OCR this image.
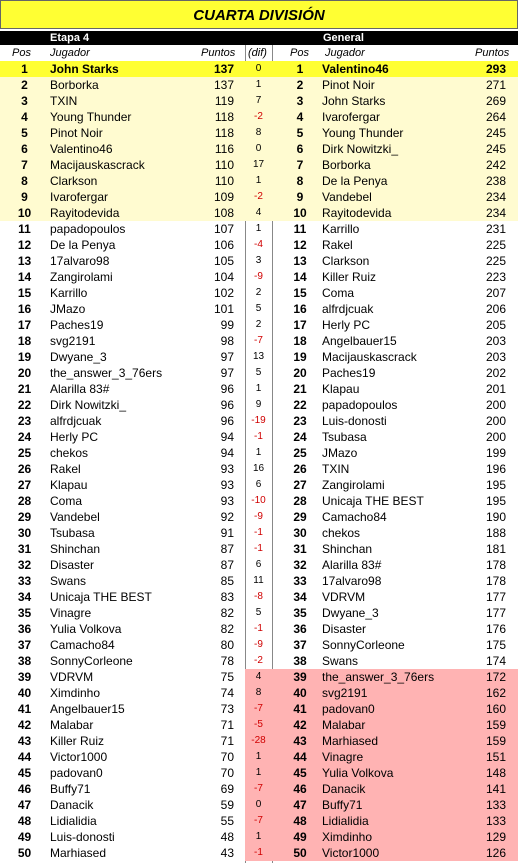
CUARTA DIVISIÓN
Etapa 4	General
Pos Jugador	Puntos (dif) Pos Jugador	Puntos
1	John Starks	137	0	1	Valentino46	293
2	Borborka	137	1	2	Pinot Noir	271
3	TXIN	119	7	3	John Starks	269
4	Young Thunder	118	-2	4	Ivarofergar	264
5	Pinot Noir	118	8	5	Young Thunder	245
6	Valentino46	116	0	6	Dirk Nowitzki_	245
7	Macijauskascrack	110	17	7	Borborka	242
8	Clarkson	110	1	8	De la Penya	238
9	Ivarofergar	109	-2	9	Vandebel	234
10	Rayitodevida	108	4	10	Rayitodevida	234
11	papadopoulos	107	1	11	Karrillo	231
12	De la Penya	106	-4	12	Rakel	225
13	17alvaro98	105	3	13	Clarkson	225
14	Zangirolami	104	-9	14	Killer Ruiz	223
15	Karrillo	102	2	15	Coma	207
16	JMazo	101	5	16	alfrdjcuak	206
17	Paches19	99	2	17	Herly PC	205
18	svg2191	98	-7	18	Angelbauer15	203
19	Dwyane_3	97	13	19	Macijauskascrack	203
20	the_answer_3_76ers	97	5	20	Paches19	202
21	Alarilla 83#	96	1	21	Klapau	201
22	Dirk Nowitzki_	96	9	22	papadopoulos	200
23	alfrdjcuak	96	-19	23	Luis-donosti	200
24	Herly PC	94	-1	24	Tsubasa	200
25	chekos	94	1	25	JMazo	199
26	Rakel	93	16	26	TXIN	196
27	Klapau	93	6	27	Zangirolami	195
28	Coma	93	-10	28	Unicaja THE BEST	195
29	Vandebel	92	-9	29	Camacho84	190
30	Tsubasa	91	-1	30	chekos	188
31	Shinchan	87	-1	31	Shinchan	181
32	Disaster	87	6	32	Alarilla 83#	178
33	Swans	85	11	33	17alvaro98	178
34	Unicaja THE BEST	83	-8	34	VDRVM	177
35	Vinagre	82	5	35	Dwyane_3	177
36	Yulia Volkova	82	-1	36	Disaster	176
37	Camacho84	80	-9	37	SonnyCorleone	175
38	SonnyCorleone	78	-2	38	Swans	174
39	VDRVM	75	4	39	the_answer_3_76ers	172
40	Ximdinho	74	8	40	svg2191	162
41	Angelbauer15	73	-7	41	padovan0	160
42	Malabar	71	-5	42	Malabar	159
43	Killer Ruiz	71	-28	43	Marhiased	159
44	Victor1000	70	1	44	Vinagre	151
45	padovan0	70	1	45	Yulia Volkova	148
46	Buffy71	69	-7	46	Danacik	141
47	Danacik	59	0	47	Buffy71	133
48	Lidialidia	55	-7	48	Lidialidia	133
49	Luis-donosti	48	1	49	Ximdinho	129
50	Marhiased	43	-1	50	Victor1000	126
